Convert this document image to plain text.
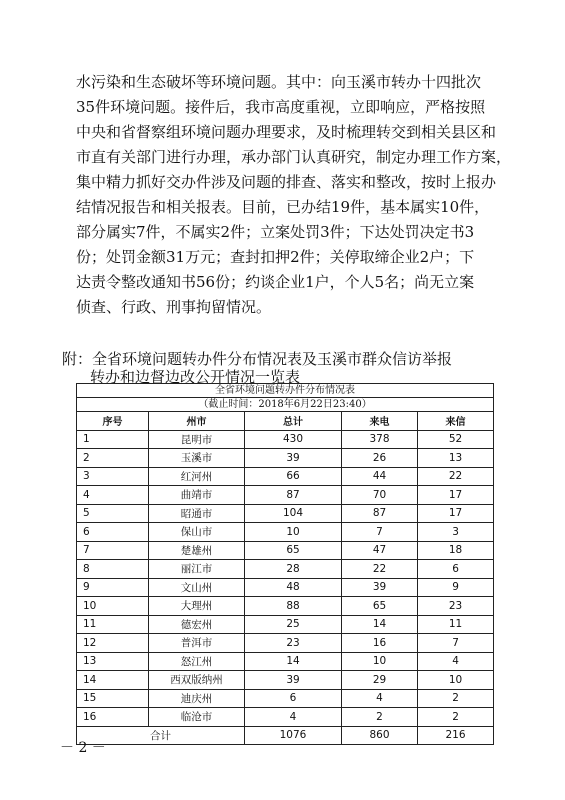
水污染和生态破坏等环境问题。其中：向玉溪市转办十四批次

35件环境问题。接件后，我市高度重视，立即响应，严格按照

中央和省督察组环境问题办理要求，及时梳理转交到相关县区和

市直有关部门进行办理，承办部门认真研究，制定办理工作方案，

集中精力抓好交办件涉及问题的排查、落实和整改，按时上报办

结情况报告和相关报表。目前，已办结19件，基本属实10件，

部分属实7件，不属实2件；立案处罚3件；下达处罚决定书3

份；处罚金额31万元；查封扣押2件；关停取缔企业2户；下

达责令整改通知书56份；约谈企业1户，个人5名；尚无立案

侦查、行政、刑事拘留情况。

附：全省环境问题转办件分布情况表及玉溪市群众信访举报
转办和边督边改公开情况一览表
全省环境问题转办件分布情况表				
（截止时间：2018年6月22日23:40）				
序号	州市	总计	来电	来信
1	昆明市	430	378	52
2	玉溪市	39	26	13
3	红河州	66	44	22
4	曲靖市	87	70	17
5	昭通市	104	87	17
6	保山市	10	7	3
7	楚雄州	65	47	18
8	丽江市	28	22	6
9	文山州	48	39	9
10	大理州	88	65	23
11	德宏州	25	14	11
12	普洱市	23	16	7
13	怒江州	14	10	4
14	西双版纳州	39	29	10
15	迪庆州	6	4	2
16	临沧市	4	2	2
合计		1076	860	216
－ 2 －
